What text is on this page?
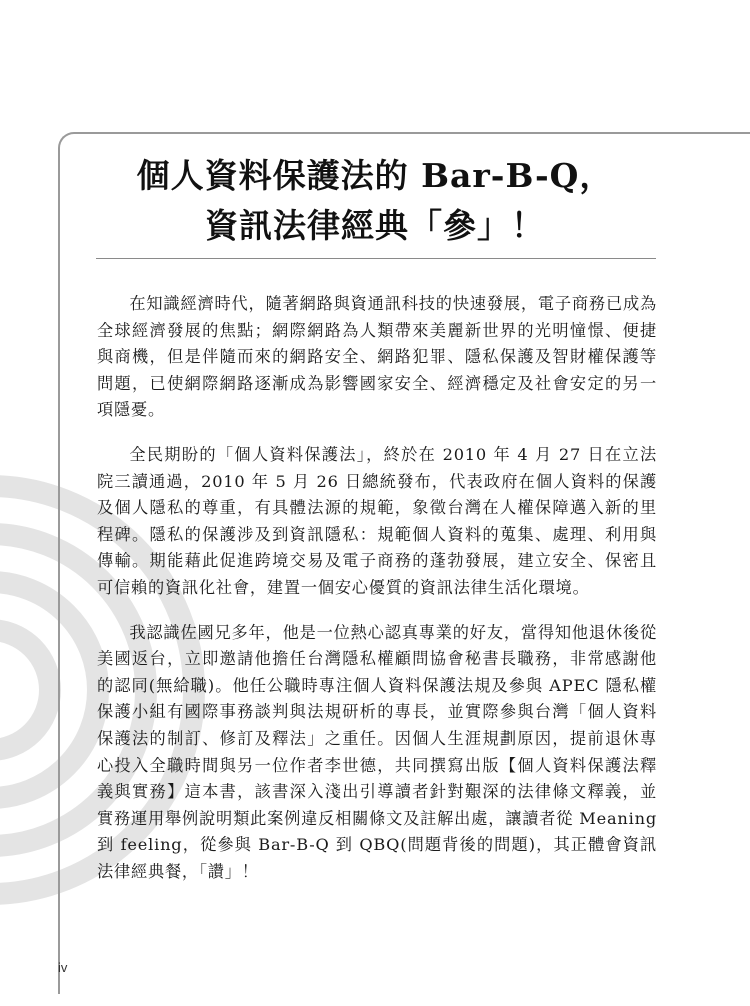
個人資料保護法的 Bar-B-Q，
資訊法律經典「參」！

在知識經濟時代，隨著網路與資通訊科技的快速發展，電子商務已成為全球經濟發展的焦點；網際網路為人類帶來美麗新世界的光明憧憬、便捷與商機，但是伴隨而來的網路安全、網路犯罪、隱私保護及智財權保護等問題，已使網際網路逐漸成為影響國家安全、經濟穩定及社會安定的另一項隱憂。

全民期盼的「個人資料保護法」，終於在 2010 年 4 月 27 日在立法院三讀通過，2010 年 5 月 26 日總統發布，代表政府在個人資料的保護及個人隱私的尊重，有具體法源的規範，象徵台灣在人權保障邁入新的里程碑。隱私的保護涉及到資訊隱私：規範個人資料的蒐集、處理、利用與傳輸。期能藉此促進跨境交易及電子商務的蓬勃發展，建立安全、保密且可信賴的資訊化社會，建置一個安心優質的資訊法律生活化環境。

我認識佐國兄多年，他是一位熱心認真專業的好友，當得知他退休後從美國返台，立即邀請他擔任台灣隱私權顧問協會秘書長職務，非常感謝他的認同(無給職)。他任公職時專注個人資料保護法規及參與 APEC 隱私權保護小組有國際事務談判與法規研析的專長，並實際參與台灣「個人資料保護法的制訂、修訂及釋法」之重任。因個人生涯規劃原因，提前退休專心投入全職時間與另一位作者李世德，共同撰寫出版【個人資料保護法釋義與實務】這本書，該書深入淺出引導讀者針對艱深的法律條文釋義，並實務運用舉例說明類此案例違反相關條文及註解出處，讓讀者從 Meaning 到 feeling，從參與 Bar-B-Q 到 QBQ(問題背後的問題)，其正體會資訊法律經典餐，「讚」！

iv
